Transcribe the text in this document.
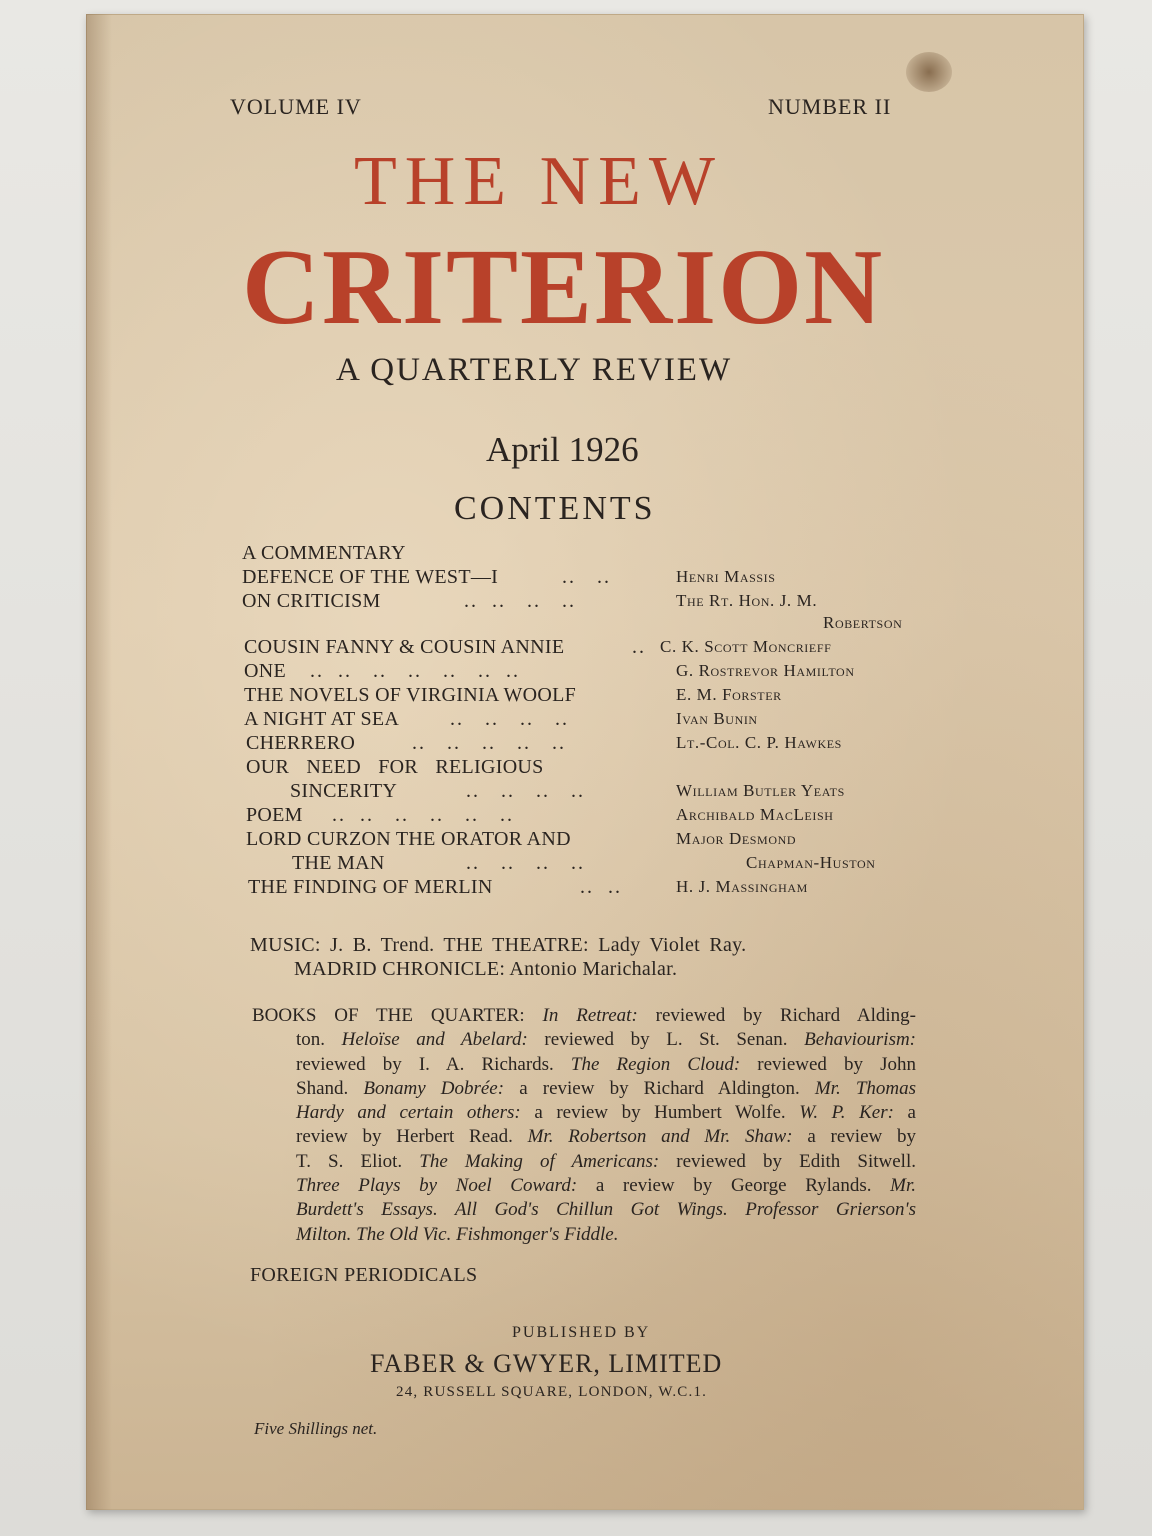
VOLUME IV	NUMBER II
THE NEW
CRITERION
A QUARTERLY REVIEW
April 1926
CONTENTS
A COMMENTARY
DEFENCE OF THE WEST—I	..   ..	Henri Massis
ON CRITICISM	..  ..   ..   ..	The Rt. Hon. J. M.
Robertson
COUSIN FANNY & COUSIN ANNIE	.. C. K. Scott Moncrieff
ONE ..  ..   ..   ..   ..   ..  ..	G. Rostrevor Hamilton
THE NOVELS OF VIRGINIA WOOLF	E. M. Forster
A NIGHT AT SEA	..   ..   ..   ..	Ivan Bunin
CHERRERO	..   ..   ..   ..   ..	Lt.-Col. C. P. Hawkes
OUR NEED FOR RELIGIOUS
SINCERITY	..   ..   ..   ..	William Butler Yeats
POEM ..  ..   ..   ..   ..   ..	Archibald MacLeish
LORD CURZON THE ORATOR AND	Major Desmond
THE MAN	..   ..   ..   ..	Chapman-Huston
THE FINDING OF MERLIN	..  ..	H. J. Massingham
MUSIC: J. B. Trend. THE THEATRE: Lady Violet Ray.
MADRID CHRONICLE: Antonio Marichalar.
BOOKS OF THE QUARTER: In Retreat: reviewed by Richard Alding-
ton. Heloïse and Abelard: reviewed by L. St. Senan. Behaviourism:
reviewed by I. A. Richards. The Region Cloud: reviewed by John
Shand. Bonamy Dobrée: a review by Richard Aldington. Mr. Thomas
Hardy and certain others: a review by Humbert Wolfe. W. P. Ker: a
review by Herbert Read. Mr. Robertson and Mr. Shaw: a review by
T. S. Eliot. The Making of Americans: reviewed by Edith Sitwell.
Three Plays by Noel Coward: a review by George Rylands. Mr.
Burdett's Essays. All God's Chillun Got Wings. Professor Grierson's
Milton. The Old Vic. Fishmonger's Fiddle.
FOREIGN PERIODICALS
PUBLISHED BY
FABER & GWYER, LIMITED
24, RUSSELL SQUARE, LONDON, W.C.1.
Five Shillings net.
